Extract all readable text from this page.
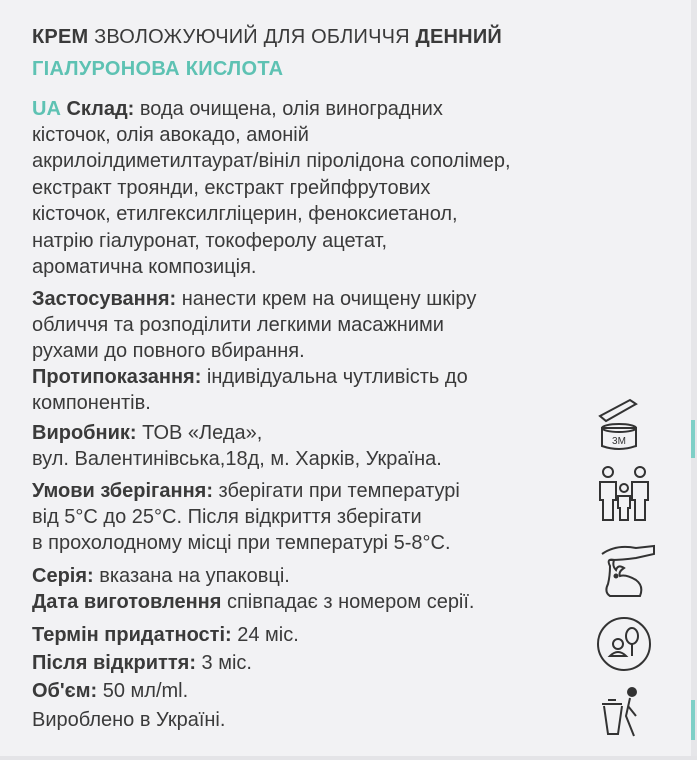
КРЕМ ЗВОЛОЖУЮЧИЙ ДЛЯ ОБЛИЧЧЯ ДЕННИЙ
ГІАЛУРОНОВА КИСЛОТА
UA Склад: вода очищена, олія виноградних
кісточок, олія авокадо, амоній
акрилоілдиметилтаурат/вініл піролідона сополімер,
екстракт троянди, екстракт грейпфрутових
кісточок, етилгексилгліцерин, феноксиетанол,
натрію гіалуронат, токоферолу ацетат,
ароматична композиція.
Застосування: нанести крем на очищену шкіру
обличчя та розподілити легкими масажними
рухами до повного вбирання.
Протипоказання: індивідуальна чутливість до
компонентів.
Виробник: ТОВ «Леда»,
вул. Валентинівська,18д, м. Харків, Україна.
Умови зберігання: зберігати при температурі
від 5°С до 25°С. Після відкриття зберігати
в прохолодному місці при температурі 5-8°С.
Серія: вказана на упаковці.
Дата виготовлення співпадає з номером серії.
Термін придатності: 24 міс.
Після відкриття: 3 міс.
Об'єм: 50 мл/ml.
Вироблено в Україні.
3M
